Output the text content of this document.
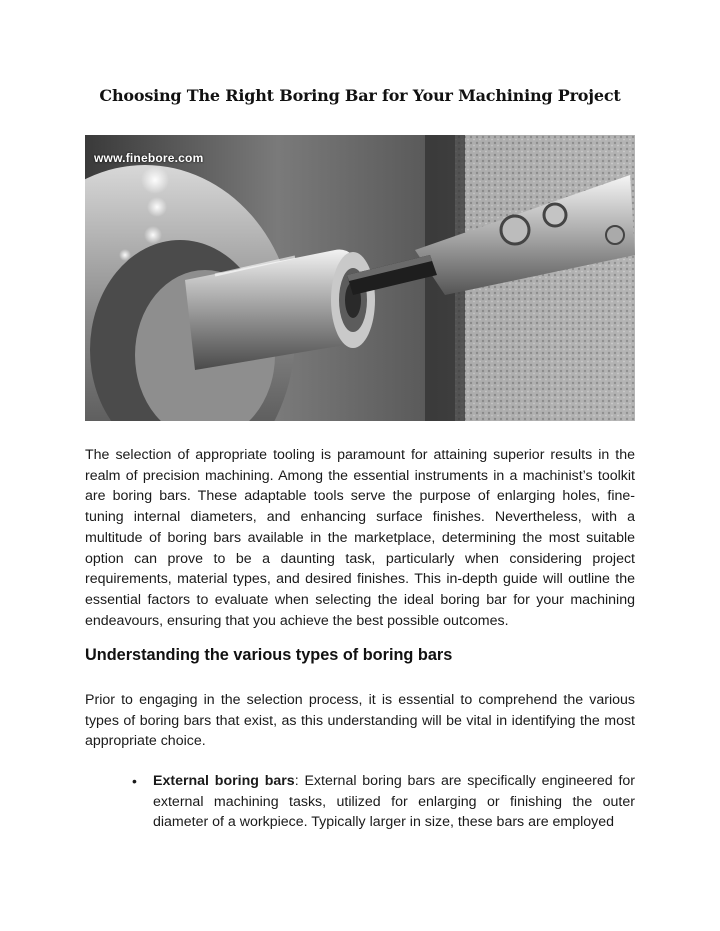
Choosing The Right Boring Bar for Your Machining Project
www.finebore.com

The selection of appropriate tooling is paramount for attaining superior results in the realm of precision machining. Among the essential instruments in a machinist’s toolkit are boring bars. These adaptable tools serve the purpose of enlarging holes, fine-tuning internal diameters, and enhancing surface finishes. Nevertheless, with a multitude of boring bars available in the marketplace, determining the most suitable option can prove to be a daunting task, particularly when considering project requirements, material types, and desired finishes. This in-depth guide will outline the essential factors to evaluate when selecting the ideal boring bar for your machining endeavours, ensuring that you achieve the best possible outcomes.

Understanding the various types of boring bars

Prior to engaging in the selection process, it is essential to comprehend the various types of boring bars that exist, as this understanding will be vital in identifying the most appropriate choice.

• External boring bars: External boring bars are specifically engineered for external machining tasks, utilized for enlarging or finishing the outer diameter of a workpiece. Typically larger in size, these bars are employed
